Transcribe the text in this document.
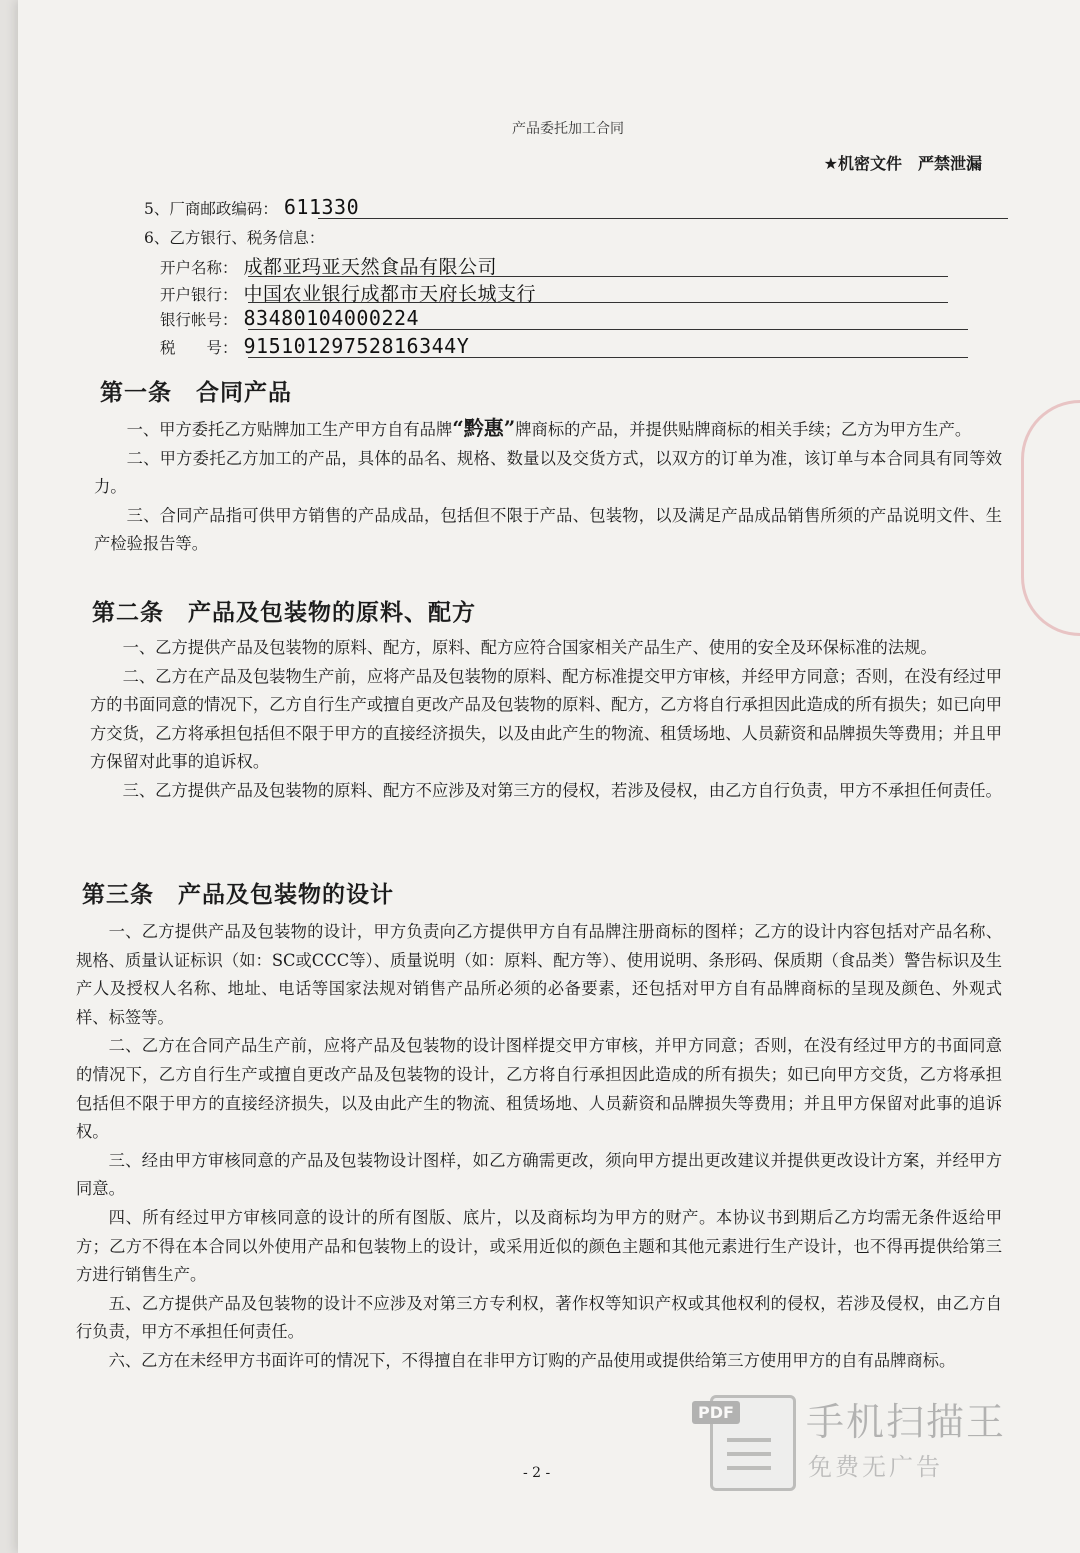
产品委托加工合同
★机密文件　严禁泄漏
5、厂商邮政编码： 611330
6、乙方银行、税务信息：
开户名称： 成都亚玛亚天然食品有限公司
开户银行： 中国农业银行成都市天府长城支行
银行帐号： 83480104000224
税　　号： 91510129752816344Y
第一条　合同产品

一、甲方委托乙方贴牌加工生产甲方自有品牌“黔惠”牌商标的产品，并提供贴牌商标的相关手续；乙方为甲方生产。

二、甲方委托乙方加工的产品，具体的品名、规格、数量以及交货方式，以双方的订单为准，该订单与本合同具有同等效力。

三、合同产品指可供甲方销售的产品成品，包括但不限于产品、包装物，以及满足产品成品销售所须的产品说明文件、生产检验报告等。

第二条　产品及包装物的原料、配方

一、乙方提供产品及包装物的原料、配方，原料、配方应符合国家相关产品生产、使用的安全及环保标准的法规。

二、乙方在产品及包装物生产前，应将产品及包装物的原料、配方标准提交甲方审核，并经甲方同意；否则，在没有经过甲方的书面同意的情况下，乙方自行生产或擅自更改产品及包装物的原料、配方，乙方将自行承担因此造成的所有损失；如已向甲方交货，乙方将承担包括但不限于甲方的直接经济损失，以及由此产生的物流、租赁场地、人员薪资和品牌损失等费用；并且甲方保留对此事的追诉权。

三、乙方提供产品及包装物的原料、配方不应涉及对第三方的侵权，若涉及侵权，由乙方自行负责，甲方不承担任何责任。

第三条　产品及包装物的设计

一、乙方提供产品及包装物的设计，甲方负责向乙方提供甲方自有品牌注册商标的图样；乙方的设计内容包括对产品名称、规格、质量认证标识（如：SC或CCC等）、质量说明（如：原料、配方等）、使用说明、条形码、保质期（食品类）警告标识及生产人及授权人名称、地址、电话等国家法规对销售产品所必须的必备要素，还包括对甲方自有品牌商标的呈现及颜色、外观式样、标签等。

二、乙方在合同产品生产前，应将产品及包装物的设计图样提交甲方审核，并甲方同意；否则，在没有经过甲方的书面同意的情况下，乙方自行生产或擅自更改产品及包装物的设计，乙方将自行承担因此造成的所有损失；如已向甲方交货，乙方将承担包括但不限于甲方的直接经济损失，以及由此产生的物流、租赁场地、人员薪资和品牌损失等费用；并且甲方保留对此事的追诉权。

三、经由甲方审核同意的产品及包装物设计图样，如乙方确需更改，须向甲方提出更改建议并提供更改设计方案，并经甲方同意。

四、所有经过甲方审核同意的设计的所有图版、底片，以及商标均为甲方的财产。本协议书到期后乙方均需无条件返给甲方；乙方不得在本合同以外使用产品和包装物上的设计，或采用近似的颜色主题和其他元素进行生产设计，也不得再提供给第三方进行销售生产。

五、乙方提供产品及包装物的设计不应涉及对第三方专利权，著作权等知识产权或其他权利的侵权，若涉及侵权，由乙方自行负责，甲方不承担任何责任。

六、乙方在未经甲方书面许可的情况下，不得擅自在非甲方订购的产品使用或提供给第三方使用甲方的自有品牌商标。

- 2 -
PDF 手机扫描王
免费无广告
